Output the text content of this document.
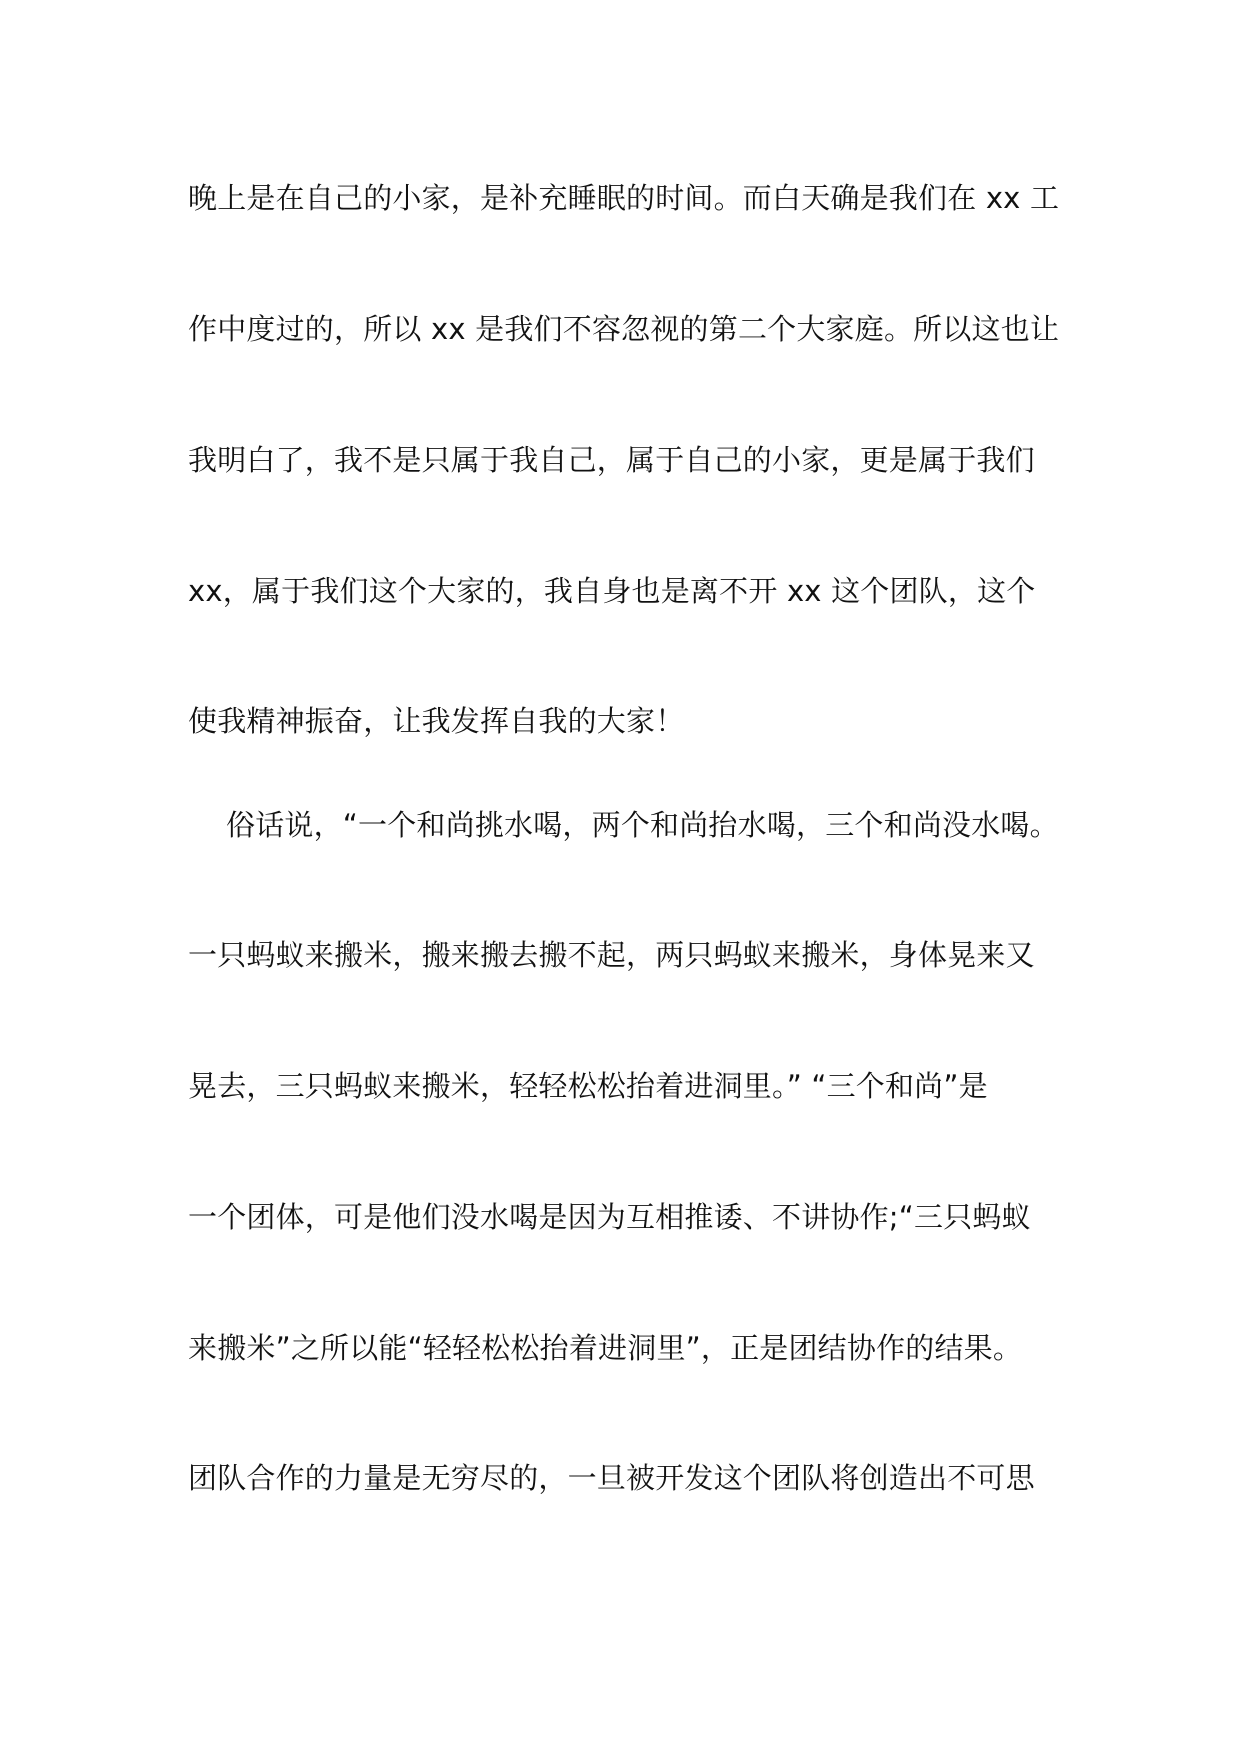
晚上是在自己的小家，是补充睡眠的时间。而白天确是我们在 xx 工
作中度过的，所以 xx 是我们不容忽视的第二个大家庭。所以这也让
我明白了，我不是只属于我自己，属于自己的小家，更是属于我们
xx，属于我们这个大家的，我自身也是离不开 xx 这个团队，这个
使我精神振奋，让我发挥自我的大家！
俗话说，“一个和尚挑水喝，两个和尚抬水喝，三个和尚没水喝。
一只蚂蚁来搬米，搬来搬去搬不起，两只蚂蚁来搬米，身体晃来又
晃去，三只蚂蚁来搬米，轻轻松松抬着进洞里。” “三个和尚”是
一个团体，可是他们没水喝是因为互相推诿、不讲协作;“三只蚂蚁
来搬米”之所以能“轻轻松松抬着进洞里”，正是团结协作的结果。
团队合作的力量是无穷尽的，一旦被开发这个团队将创造出不可思
